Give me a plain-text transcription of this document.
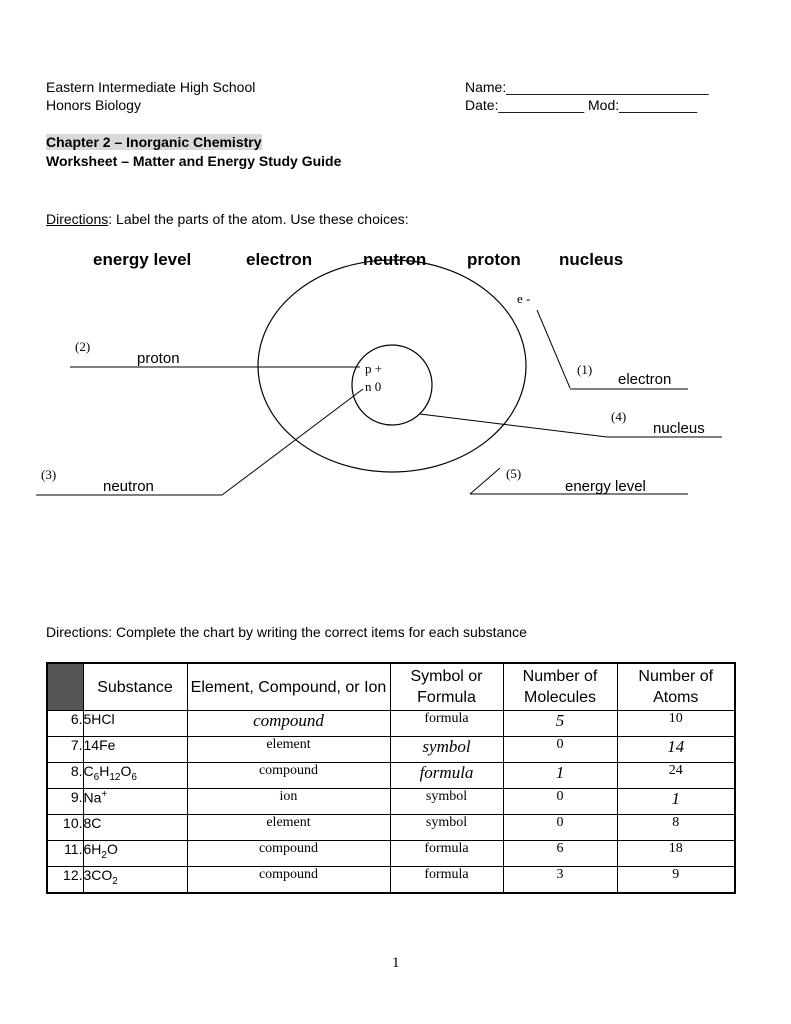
Eastern Intermediate High School
Honors Biology
Name:__________________________
Date:___________ Mod:__________
Chapter 2 – Inorganic Chemistry
Worksheet – Matter and Energy Study Guide
Directions: Label the parts of the atom. Use these choices:
energy level	electron	neutron proton nucleus
e -
p +
n 0
(1)
electron
(2)
proton
(3)
neutron
(4)
nucleus
(5)
energy level
Directions: Complete the chart by writing the correct items for each substance
	Substance	Element, Compound, or Ion	Symbol or Formula	Number of Molecules	Number of Atoms
6.	5HCl	compound	formula	5	10
7.	14Fe	element	symbol	0	14
8.	$C_6H_{12}O_6$	compound	formula	1	24
9.	Na+	ion	symbol	0	1
10.	8C	element	symbol	0	8
11.	$6H_2O$	compound	formula	6	18
12.	$3CO_2$	compound	formula	3	9
1
